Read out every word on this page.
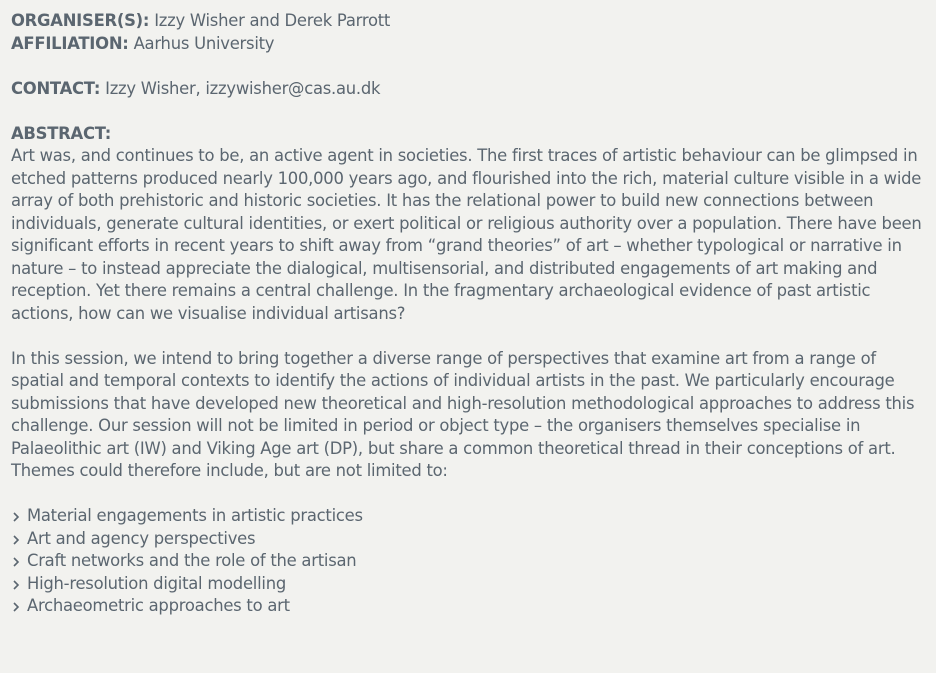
ORGANISER(S): Izzy Wisher and Derek Parrott

AFFILIATION: Aarhus University

CONTACT: Izzy Wisher, izzywisher@cas.au.dk

ABSTRACT:

Art was, and continues to be, an active agent in societies. The first traces of artistic behaviour can be glimpsed in etched patterns produced nearly 100,000 years ago, and flourished into the rich, material culture visible in a wide array of both prehistoric and historic societies. It has the relational power to build new connections between individuals, generate cultural identities, or exert political or religious authority over a population. There have been significant efforts in recent years to shift away from “grand theories” of art – whether typological or narrative in nature – to instead appreciate the dialogical, multisensorial, and distributed engagements of art making and reception. Yet there remains a central challenge. In the fragmentary archaeological evidence of past artistic actions, how can we visualise individual artisans?

In this session, we intend to bring together a diverse range of perspectives that examine art from a range of spatial and temporal contexts to identify the actions of individual artists in the past. We particularly encourage submissions that have developed new theoretical and high-resolution methodological approaches to address this challenge. Our session will not be limited in period or object type – the organisers themselves specialise in Palaeolithic art (IW) and Viking Age art (DP), but share a common theoretical thread in their conceptions of art.

Themes could therefore include, but are not limited to:

Material engagements in artistic practices
Art and agency perspectives
Craft networks and the role of the artisan
High-resolution digital modelling
Archaeometric approaches to art
